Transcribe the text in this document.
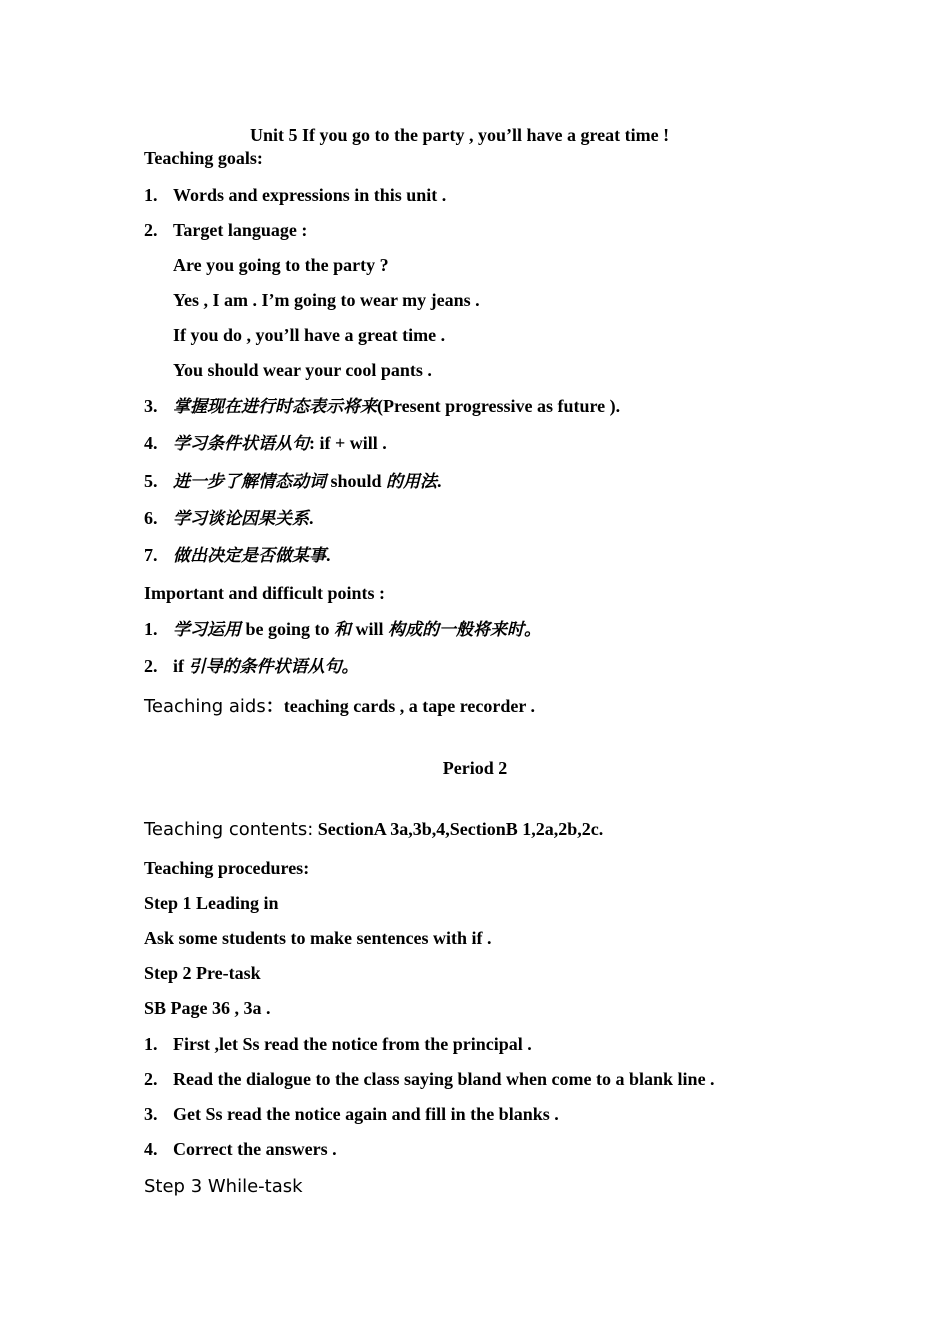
Unit 5 If you go to the party , you’ll have a great time !
Teaching goals:
1. Words and expressions in this unit .
2. Target language :
Are you going to the party ?
Yes , I am . I’m going to wear my jeans .
If you do , you’ll have a great time .
You should wear your cool pants .
3. 掌握现在进行时态表示将来(Present progressive as future ).
4. 学习条件状语从句: if + will .
5. 进一步了解情态动词 should 的用法.
6. 学习谈论因果关系.
7. 做出决定是否做某事.
Important and difficult points :
1. 学习运用 be going to 和 will 构成的一般将来时。
2. if 引导的条件状语从句。
Teaching aids：teaching cards , a tape recorder .
Period 2
Teaching contents: SectionA 3a,3b,4,SectionB 1,2a,2b,2c.
Teaching procedures:
Step 1 Leading in
Ask some students to make sentences with if .
Step 2 Pre-task
SB Page 36 , 3a .
1. First ,let Ss read the notice from the principal .
2. Read the dialogue to the class saying bland when come to a blank line .
3. Get Ss read the notice again and fill in the blanks .
4. Correct the answers .
Step 3 While-task
